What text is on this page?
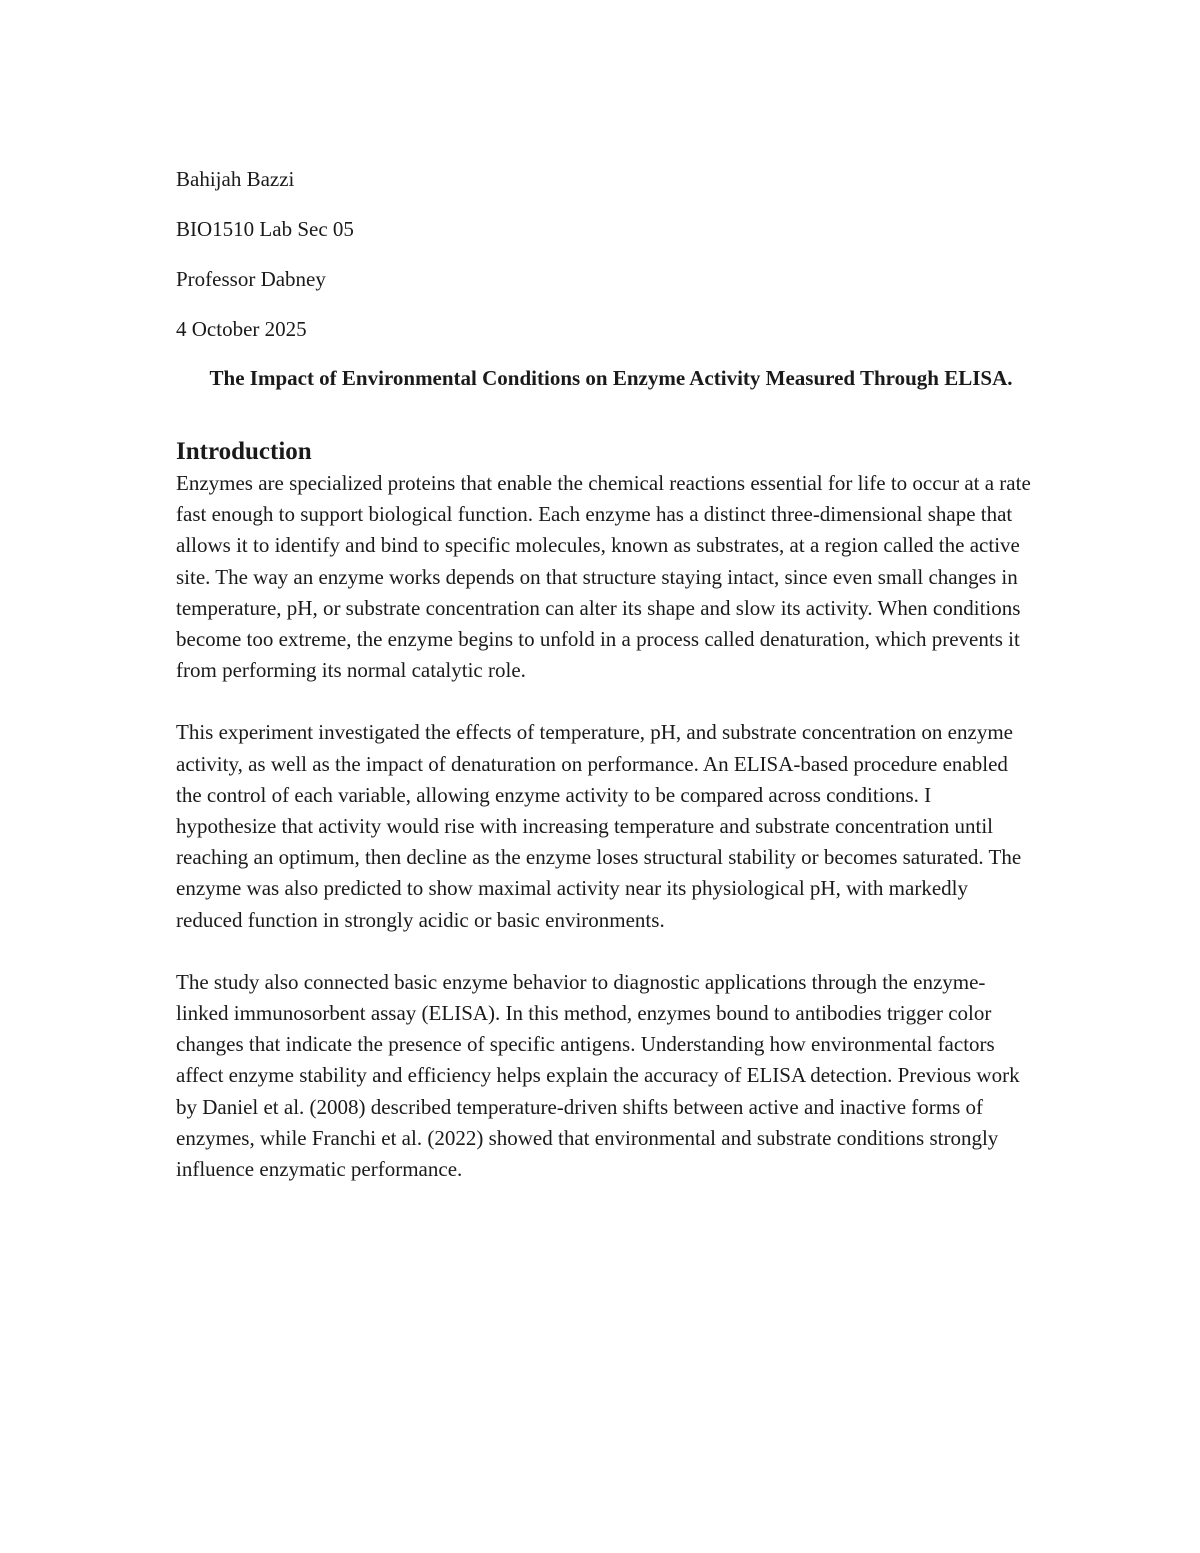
Bahijah Bazzi
BIO1510 Lab Sec 05
Professor Dabney
4 October 2025
The Impact of Environmental Conditions on Enzyme Activity Measured Through ELISA.
Introduction

Enzymes are specialized proteins that enable the chemical reactions essential for life to occur at a rate fast enough to support biological function. Each enzyme has a distinct three-dimensional shape that allows it to identify and bind to specific molecules, known as substrates, at a region called the active site. The way an enzyme works depends on that structure staying intact, since even small changes in temperature, pH, or substrate concentration can alter its shape and slow its activity. When conditions become too extreme, the enzyme begins to unfold in a process called denaturation, which prevents it from performing its normal catalytic role.

This experiment investigated the effects of temperature, pH, and substrate concentration on enzyme activity, as well as the impact of denaturation on performance. An ELISA-based procedure enabled the control of each variable, allowing enzyme activity to be compared across conditions. I hypothesize that activity would rise with increasing temperature and substrate concentration until reaching an optimum, then decline as the enzyme loses structural stability or becomes saturated. The enzyme was also predicted to show maximal activity near its physiological pH, with markedly reduced function in strongly acidic or basic environments.

The study also connected basic enzyme behavior to diagnostic applications through the enzyme-linked immunosorbent assay (ELISA). In this method, enzymes bound to antibodies trigger color changes that indicate the presence of specific antigens. Understanding how environmental factors affect enzyme stability and efficiency helps explain the accuracy of ELISA detection. Previous work by Daniel et al. (2008) described temperature-driven shifts between active and inactive forms of enzymes, while Franchi et al. (2022) showed that environmental and substrate conditions strongly influence enzymatic performance.
